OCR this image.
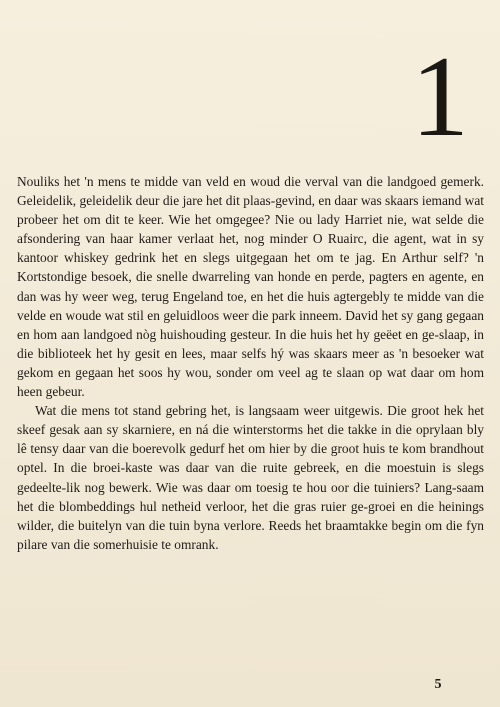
1

Nouliks het 'n mens te midde van veld en woud die verval van die landgoed gemerk. Geleidelik, geleidelik deur die jare het dit plaas-gevind, en daar was skaars iemand wat probeer het om dit te keer. Wie het omgegee? Nie ou lady Harriet nie, wat selde die afsondering van haar kamer verlaat het, nog minder O Ruairc, die agent, wat in sy kantoor whiskey gedrink het en slegs uitgegaan het om te jag. En Arthur self? 'n Kortstondige besoek, die snelle dwarreling van honde en perde, pagters en agente, en dan was hy weer weg, terug Engeland toe, en het die huis agtergebly te midde van die velde en woude wat stil en geluidloos weer die park inneem. David het sy gang gegaan en hom aan landgoed nòg huishouding gesteur. In die huis het hy geëet en ge-slaap, in die biblioteek het hy gesit en lees, maar selfs hý was skaars meer as 'n besoeker wat gekom en gegaan het soos hy wou, sonder om veel ag te slaan op wat daar om hom heen gebeur.

Wat die mens tot stand gebring het, is langsaam weer uitgewis. Die groot hek het skeef gesak aan sy skarniere, en ná die winterstorms het die takke in die oprylaan bly lê tensy daar van die boerevolk gedurf het om hier by die groot huis te kom brandhout optel. In die broei-kaste was daar van die ruite gebreek, en die moestuin is slegs gedeelte-lik nog bewerk. Wie was daar om toesig te hou oor die tuiniers? Lang-saam het die blombeddings hul netheid verloor, het die gras ruier ge-groei en die heinings wilder, die buitelyn van die tuin byna verlore. Reeds het braamtakke begin om die fyn pilare van die somerhuisie te omrank.

5
